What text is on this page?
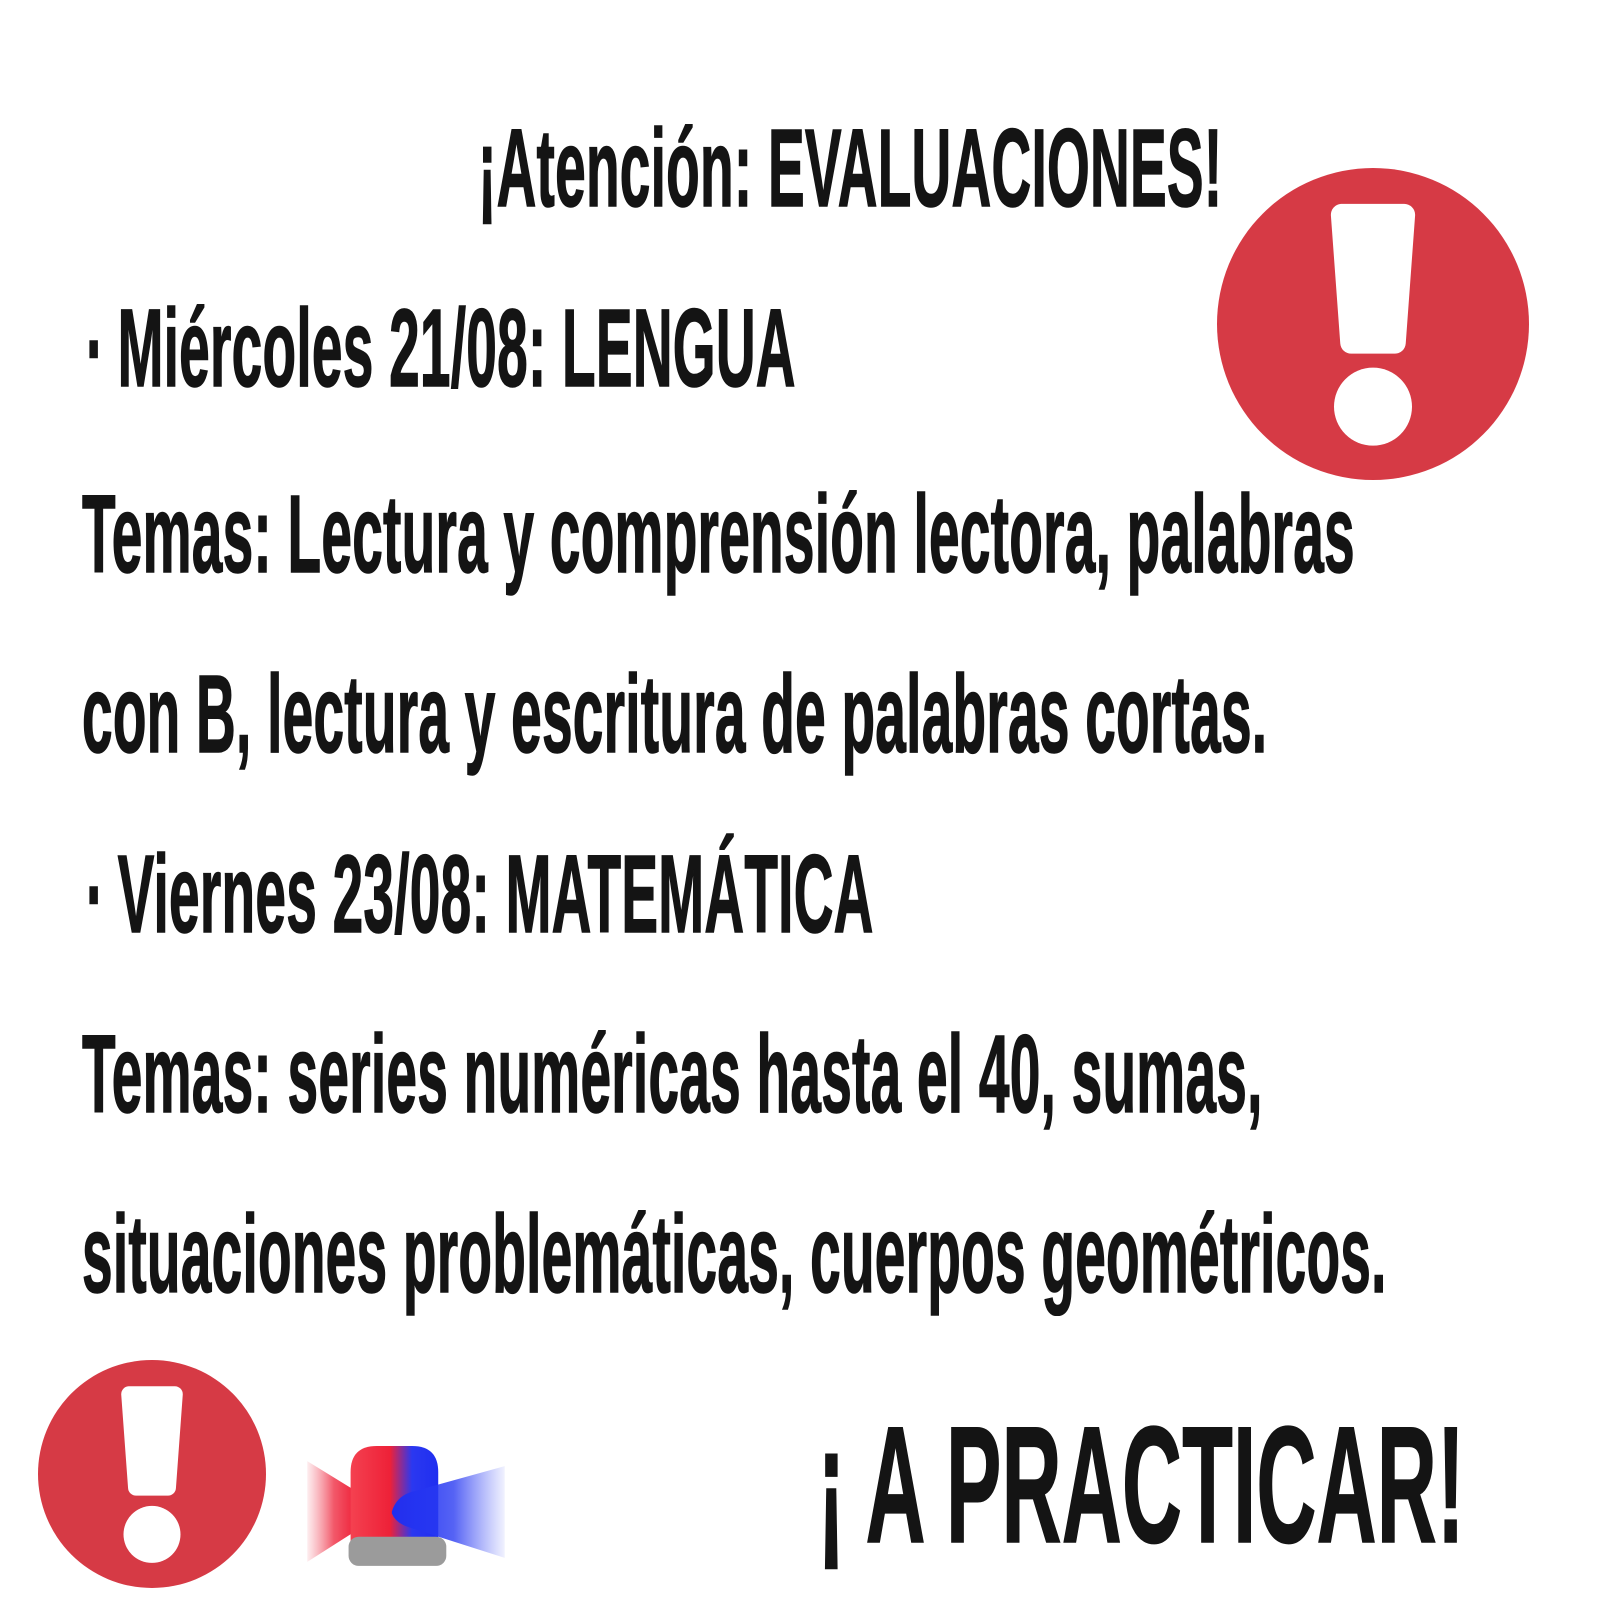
¡Atención: EVALUACIONES!
· Miércoles 21/08: LENGUA
Temas: Lectura y comprensión lectora, palabras
con B, lectura y escritura de palabras cortas.
· Viernes 23/08: MATEMÁTICA
Temas: series numéricas hasta el 40, sumas,
situaciones problemáticas, cuerpos geométricos.
¡ A PRACTICAR!
